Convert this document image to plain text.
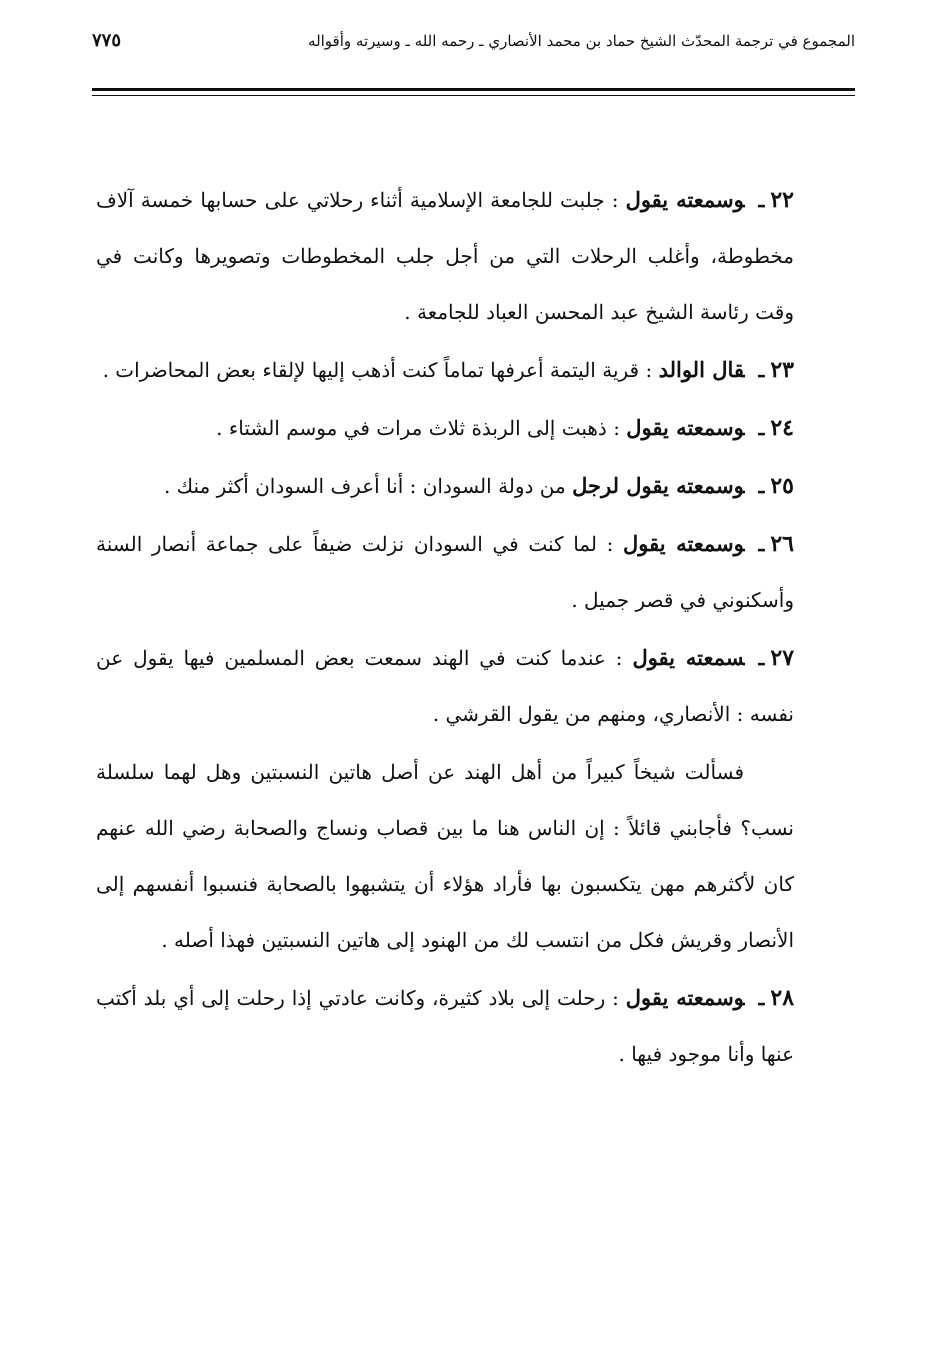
المجموع في ترجمة المحدّث الشيخ حماد بن محمد الأنصاري ـ رحمه الله ـ وسيرته وأقواله
٧٧٥

٢٢ـوسمعته يقول : جلبت للجامعة الإسلامية أثناء رحلاتي على حسابها خمسة آلاف مخطوطة، وأغلب الرحلات التي من أجل جلب المخطوطات وتصويرها وكانت في وقت رئاسة الشيخ عبد المحسن العباد للجامعة .

٢٣ـقال الوالد : قرية اليتمة أعرفها تماماً كنت أذهب إليها لإلقاء بعض المحاضرات .

٢٤ـوسمعته يقول : ذهبت إلى الربذة ثلاث مرات في موسم الشتاء .

٢٥ـوسمعته يقول لرجل من دولة السودان : أنا أعرف السودان أكثر منك .

٢٦ـوسمعته يقول : لما كنت في السودان نزلت ضيفاً على جماعة أنصار السنة وأسكنوني في قصر جميل .

٢٧ـسمعته يقول : عندما كنت في الهند سمعت بعض المسلمين فيها يقول عن نفسه : الأنصاري، ومنهم من يقول القرشي .

فسألت شيخاً كبيراً من أهل الهند عن أصل هاتين النسبتين وهل لهما سلسلة نسب؟ فأجابني قائلاً : إن الناس هنا ما بين قصاب ونساج والصحابة رضي الله عنهم كان لأكثرهم مهن يتكسبون بها فأراد هؤلاء أن يتشبهوا بالصحابة فنسبوا أنفسهم إلى الأنصار وقريش فكل من انتسب لك من الهنود إلى هاتين النسبتين فهذا أصله .

٢٨ـوسمعته يقول : رحلت إلى بلاد كثيرة، وكانت عادتي إذا رحلت إلى أي بلد أكتب عنها وأنا موجود فيها .
